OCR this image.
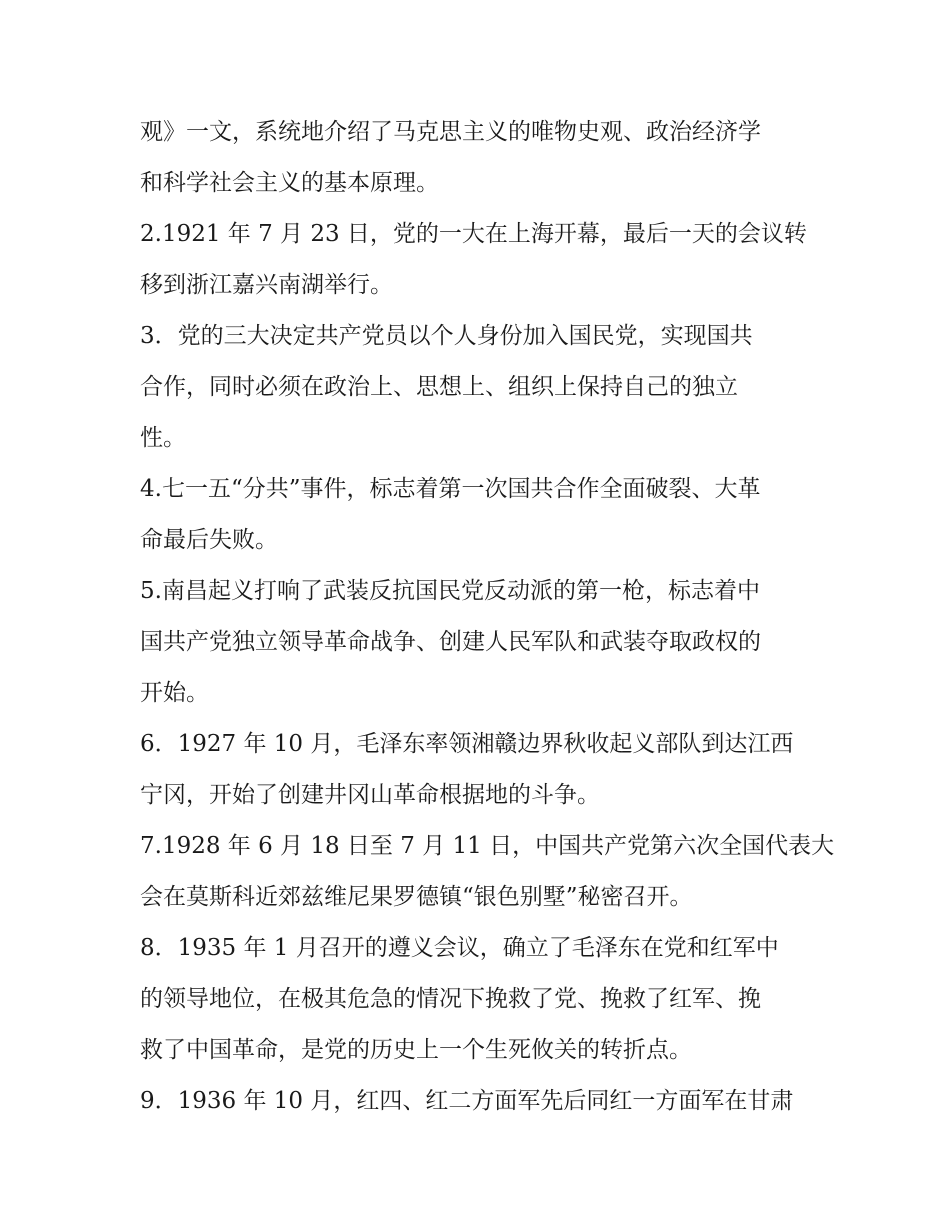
观》一文，系统地介绍了马克思主义的唯物史观、政治经济学
和科学社会主义的基本原理。
2.1921 年 7 月 23 日，党的一大在上海开幕，最后一天的会议转
移到浙江嘉兴南湖举行。
3．党的三大决定共产党员以个人身份加入国民党，实现国共
合作，同时必须在政治上、思想上、组织上保持自己的独立
性。
4.七一五“分共”事件，标志着第一次国共合作全面破裂、大革
命最后失败。
5.南昌起义打响了武装反抗国民党反动派的第一枪，标志着中
国共产党独立领导革命战争、创建人民军队和武装夺取政权的
开始。
6．1927 年 10 月，毛泽东率领湘赣边界秋收起义部队到达江西
宁冈，开始了创建井冈山革命根据地的斗争。
7.1928 年 6 月 18 日至 7 月 11 日，中国共产党第六次全国代表大
会在莫斯科近郊兹维尼果罗德镇“银色别墅”秘密召开。
8．1935 年 1 月召开的遵义会议，确立了毛泽东在党和红军中
的领导地位，在极其危急的情况下挽救了党、挽救了红军、挽
救了中国革命，是党的历史上一个生死攸关的转折点。
9．1936 年 10 月，红四、红二方面军先后同红一方面军在甘肃
